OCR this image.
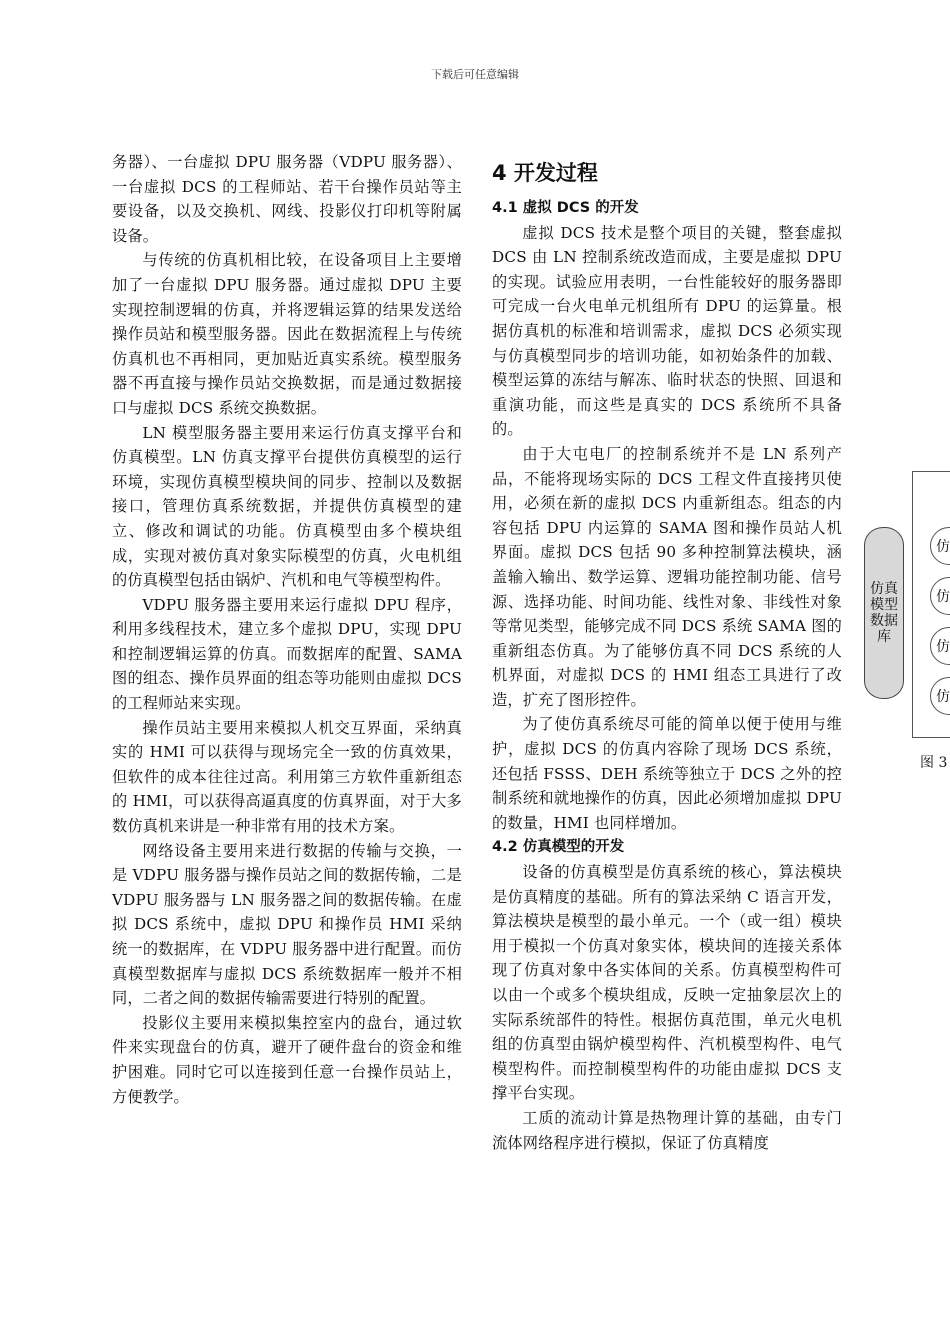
下载后可任意编辑

务器）、一台虚拟 DPU 服务器（VDPU 服务器）、一台虚拟 DCS 的工程师站、若干台操作员站等主要设备，以及交换机、网线、投影仪打印机等附属设备。

与传统的仿真机相比较，在设备项目上主要增加了一台虚拟 DPU 服务器。通过虚拟 DPU 主要实现控制逻辑的仿真，并将逻辑运算的结果发送给操作员站和模型服务器。因此在数据流程上与传统仿真机也不再相同，更加贴近真实系统。模型服务器不再直接与操作员站交换数据，而是通过数据接口与虚拟 DCS 系统交换数据。

LN 模型服务器主要用来运行仿真支撑平台和仿真模型。LN 仿真支撑平台提供仿真模型的运行环境，实现仿真模型模块间的同步、控制以及数据接口，管理仿真系统数据，并提供仿真模型的建立、修改和调试的功能。仿真模型由多个模块组成，实现对被仿真对象实际模型的仿真，火电机组的仿真模型包括由锅炉、汽机和电气等模型构件。

VDPU 服务器主要用来运行虚拟 DPU 程序，利用多线程技术，建立多个虚拟 DPU，实现 DPU 和控制逻辑运算的仿真。而数据库的配置、SAMA 图的组态、操作员界面的组态等功能则由虚拟 DCS 的工程师站来实现。

操作员站主要用来模拟人机交互界面，采纳真实的 HMI 可以获得与现场完全一致的仿真效果，但软件的成本往往过高。利用第三方软件重新组态的 HMI，可以获得高逼真度的仿真界面，对于大多数仿真机来讲是一种非常有用的技术方案。

网络设备主要用来进行数据的传输与交换，一是 VDPU 服务器与操作员站之间的数据传输，二是 VDPU 服务器与 LN 服务器之间的数据传输。在虚拟 DCS 系统中，虚拟 DPU 和操作员 HMI 采纳统一的数据库，在 VDPU 服务器中进行配置。而仿真模型数据库与虚拟 DCS 系统数据库一般并不相同，二者之间的数据传输需要进行特别的配置。

投影仪主要用来模拟集控室内的盘台，通过软件来实现盘台的仿真，避开了硬件盘台的资金和维护困难。同时它可以连接到任意一台操作员站上，方便教学。

4 开发过程
4.1 虚拟 DCS 的开发

虚拟 DCS 技术是整个项目的关键，整套虚拟 DCS 由 LN 控制系统改造而成，主要是虚拟 DPU 的实现。试验应用表明，一台性能较好的服务器即可完成一台火电单元机组所有 DPU 的运算量。根据仿真机的标准和培训需求，虚拟 DCS 必须实现与仿真模型同步的培训功能，如初始条件的加载、模型运算的冻结与解冻、临时状态的快照、回退和重演功能，而这些是真实的 DCS 系统所不具备的。

由于大屯电厂的控制系统并不是 LN 系列产品，不能将现场实际的 DCS 工程文件直接拷贝使用，必须在新的虚拟 DCS 内重新组态。组态的内容包括 DPU 内运算的 SAMA 图和操作员站人机界面。虚拟 DCS 包括 90 多种控制算法模块，涵盖输入输出、数学运算、逻辑功能控制功能、信号源、选择功能、时间功能、线性对象、非线性对象等常见类型，能够完成不同 DCS 系统 SAMA 图的重新组态仿真。为了能够仿真不同 DCS 系统的人机界面，对虚拟 DCS 的 HMI 组态工具进行了改造，扩充了图形控件。

为了使仿真系统尽可能的简单以便于使用与维护，虚拟 DCS 的仿真内容除了现场 DCS 系统，还包括 FSSS、DEH 系统等独立于 DCS 之外的控制系统和就地操作的仿真，因此必须增加虚拟 DPU 的数量，HMI 也同样增加。

4.2 仿真模型的开发

设备的仿真模型是仿真系统的核心，算法模块是仿真精度的基础。所有的算法采纳 C 语言开发，算法模块是模型的最小单元。一个（或一组）模块用于模拟一个仿真对象实体，模块间的连接关系体现了仿真对象中各实体间的关系。仿真模型构件可以由一个或多个模块组成，反映一定抽象层次上的实际系统部件的特性。根据仿真范围，单元火电机组的仿真型由锅炉模型构件、汽机模型构件、电气模型构件。而控制模型构件的功能由虚拟 DCS 支撑平台实现。

工质的流动计算是热物理计算的基础，由专门流体网络程序进行模拟，保证了仿真精度

仿真模型数据库
仿
仿
仿
仿
图 3
